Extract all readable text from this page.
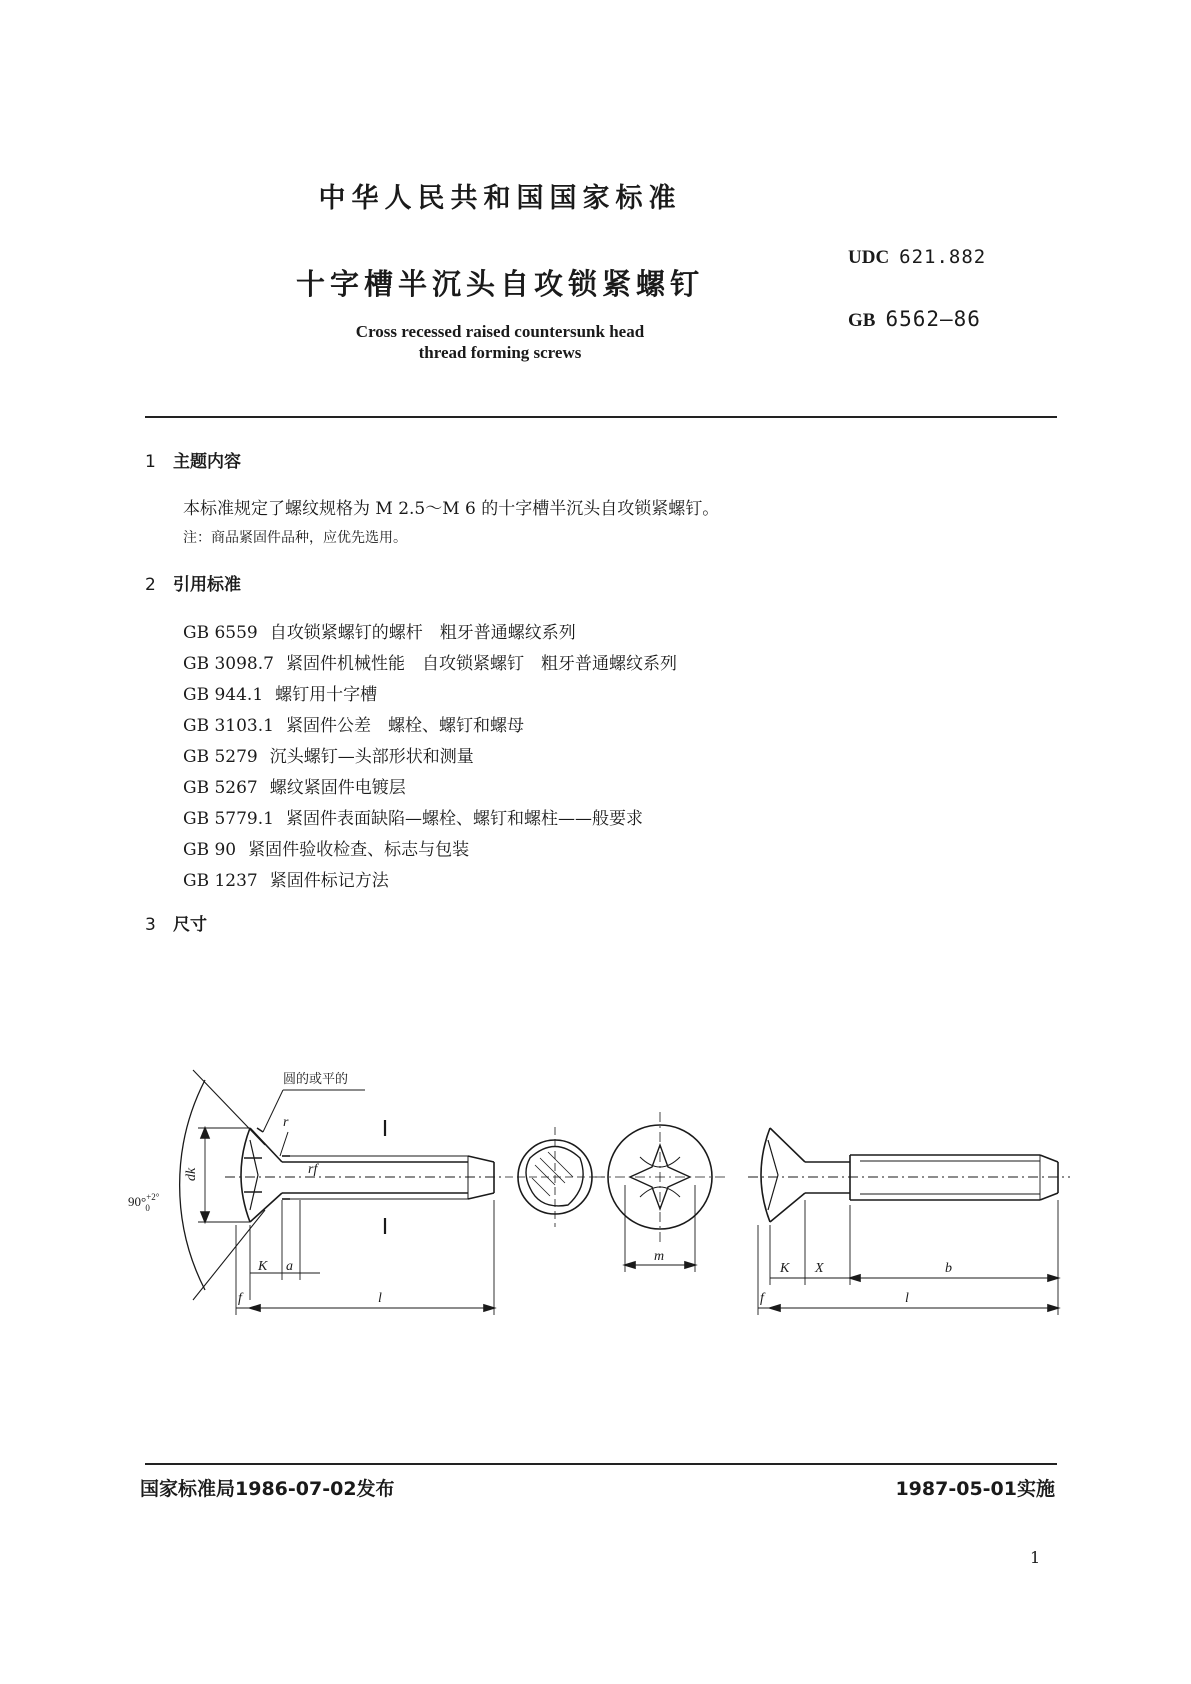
中华人民共和国国家标准
十字槽半沉头自攻锁紧螺钉
Cross recessed raised countersunk head
thread forming screws
UDC 621.882
GB 6562—86
1 主题内容
本标准规定了螺纹规格为 M 2.5～M 6 的十字槽半沉头自攻锁紧螺钉。
注：商品紧固件品种，应优先选用。
2 引用标准
GB 6559 自攻锁紧螺钉的螺杆　粗牙普通螺纹系列
GB 3098.7 紧固件机械性能　自攻锁紧螺钉　粗牙普通螺纹系列
GB 944.1 螺钉用十字槽
GB 3103.1 紧固件公差　螺栓、螺钉和螺母
GB 5279 沉头螺钉—头部形状和测量
GB 5267 螺纹紧固件电镀层
GB 5779.1 紧固件表面缺陷—螺栓、螺钉和螺柱——般要求
GB 90 紧固件验收检查、标志与包装
GB 1237 紧固件标记方法
3 尺寸
圆的或平的
90°$^{+2^\circ}$ 0
dk
r
rf
K a
f	l
m
K X	b
f	l
国家标准局1986-07-02发布	1987-05-01实施
1
